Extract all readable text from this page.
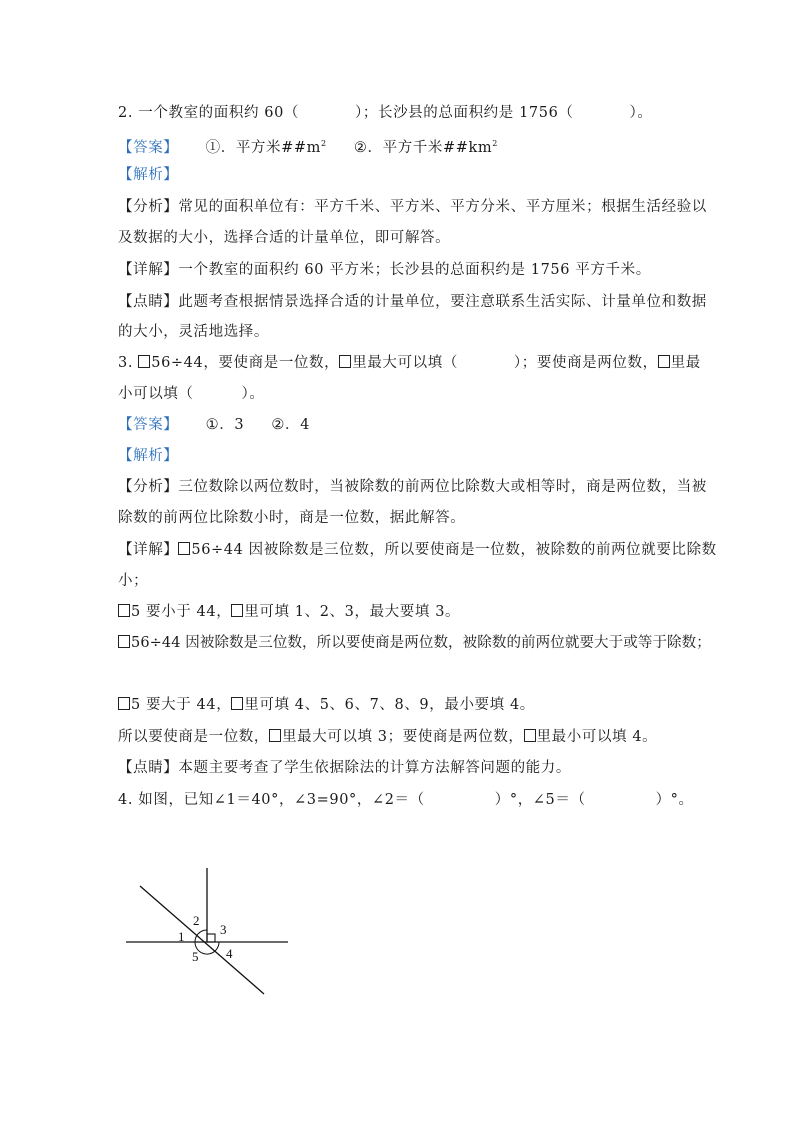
2. 一个教室的面积约 60（	）；长沙县的总面积约是 1756（	）。
【答案】 ①．平方米$\#\#m^2$ ②．平方千米$\#\#km^2$
【解析】
【分析】常见的面积单位有：平方千米、平方米、平方分米、平方厘米；根据生活经验以
及数据的大小，选择合适的计量单位，即可解答。
【详解】一个教室的面积约 60 平方米；长沙县的总面积约是 1756 平方千米。
【点睛】此题考查根据情景选择合适的计量单位，要注意联系生活实际、计量单位和数据
的大小，灵活地选择。
3. 56÷44，要使商是一位数， 里最大可以填（	）；要使商是两位数， 里最
小可以填（	）。
【答案】 ①．3 ②．4
【解析】
【分析】三位数除以两位数时，当被除数的前两位比除数大或相等时，商是两位数，当被
除数的前两位比除数小时，商是一位数，据此解答。
【详解】 56÷44 因被除数是三位数，所以要使商是一位数，被除数的前两位就要比除数
小；
5 要小于 44， 里可填 1、2、3，最大要填 3。
56÷44 因被除数是三位数，所以要使商是两位数，被除数的前两位就要大于或等于除数；
5 要大于 44， 里可填 4、5、6、7、8、9，最小要填 4。
所以要使商是一位数， 里最大可以填 3；要使商是两位数， 里最小可以填 4。
【点睛】本题主要考查了学生依据除法的计算方法解答问题的能力。
4. 如图，已知∠1＝40°，∠3=90°，∠2＝（	）°，∠5＝（	）°。
1
2
3
4
5
